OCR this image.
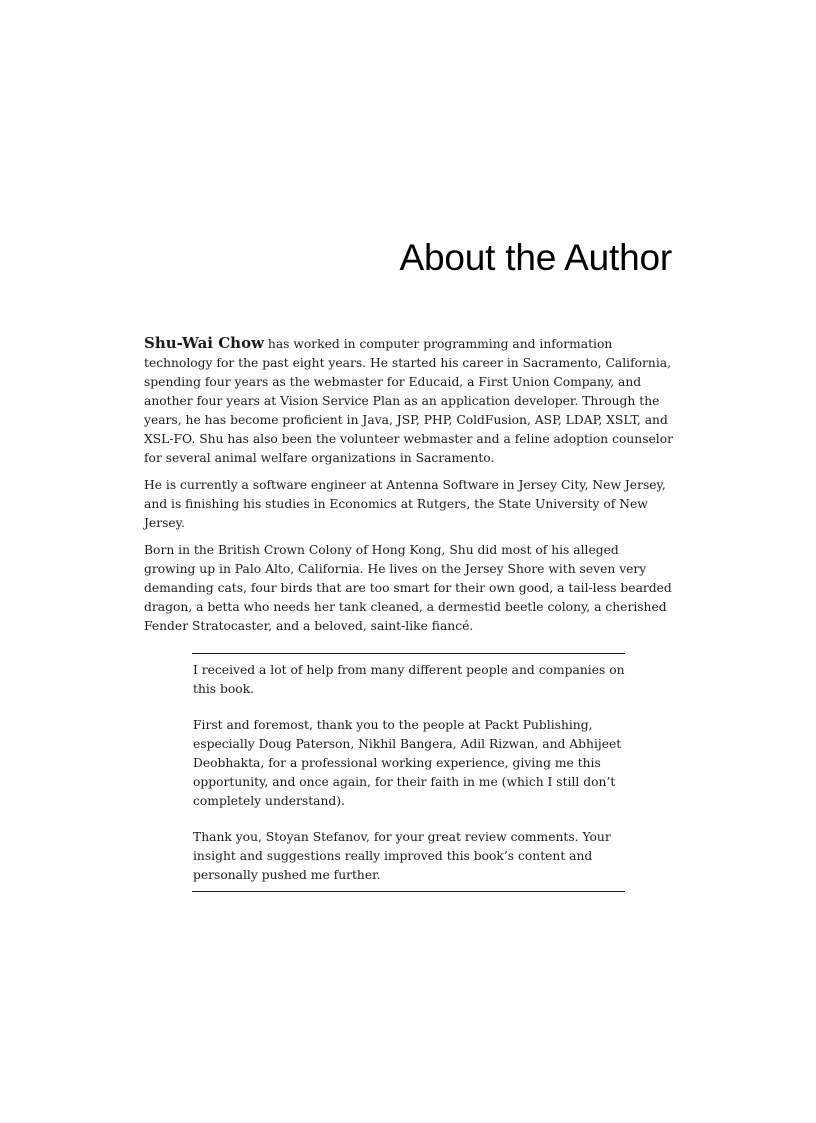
About the Author

Shu-Wai Chow has worked in computer programming and information technology for the past eight years. He started his career in Sacramento, California, spending four years as the webmaster for Educaid, a First Union Company, and another four years at Vision Service Plan as an application developer. Through the years, he has become proficient in Java, JSP, PHP, ColdFusion, ASP, LDAP, XSLT, and XSL-FO. Shu has also been the volunteer webmaster and a feline adoption counselor for several animal welfare organizations in Sacramento.

He is currently a software engineer at Antenna Software in Jersey City, New Jersey, and is finishing his studies in Economics at Rutgers, the State University of New Jersey.

Born in the British Crown Colony of Hong Kong, Shu did most of his alleged growing up in Palo Alto, California. He lives on the Jersey Shore with seven very demanding cats, four birds that are too smart for their own good, a tail-less bearded dragon, a betta who needs her tank cleaned, a dermestid beetle colony, a cherished Fender Stratocaster, and a beloved, saint-like fiancé.

I received a lot of help from many different people and companies on this book.

First and foremost, thank you to the people at Packt Publishing, especially Doug Paterson, Nikhil Bangera, Adil Rizwan, and Abhijeet Deobhakta, for a professional working experience, giving me this opportunity, and once again, for their faith in me (which I still don’t completely understand).

Thank you, Stoyan Stefanov, for your great review comments. Your insight and suggestions really improved this book’s content and personally pushed me further.
